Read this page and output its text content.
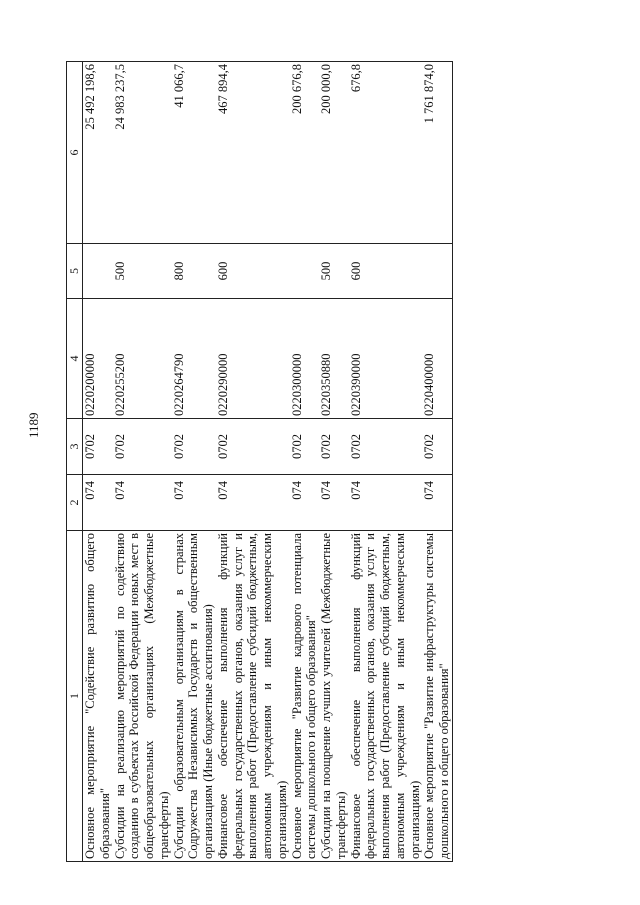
1189
1	2	3	4	5	6
Основное мероприятие "Содействие развитию общего образования"	074	0702	0220200000		25 492 198,6
Субсидии на реализацию мероприятий по содействию созданию в субъектах Российской Федерации новых мест в общеобразовательных организациях (Межбюджетные трансферты)	074	0702	0220255200	500	24 983 237,5
Субсидии образовательным организациям в странах Содружества Независимых Государств и общественным организациям (Иные бюджетные ассигнования)	074	0702	0220264790	800	41 066,7
Финансовое обеспечение выполнения функций федеральных государственных органов, оказания услуг и выполнения работ (Предоставление субсидий бюджетным, автономным учреждениям и иным некоммерческим организациям)	074	0702	0220290000	600	467 894,4
Основное мероприятие "Развитие кадрового потенциала системы дошкольного и общего образования"	074	0702	0220300000		200 676,8
Субсидии на поощрение лучших учителей (Межбюджетные трансферты)	074	0702	0220350880	500	200 000,0
Финансовое обеспечение выполнения функций федеральных государственных органов, оказания услуг и выполнения работ (Предоставление субсидий бюджетным, автономным учреждениям и иным некоммерческим организациям)	074	0702	0220390000	600	676,8
Основное мероприятие "Развитие инфраструктуры системы дошкольного и общего образования"	074	0702	0220400000		1 761 874,0
